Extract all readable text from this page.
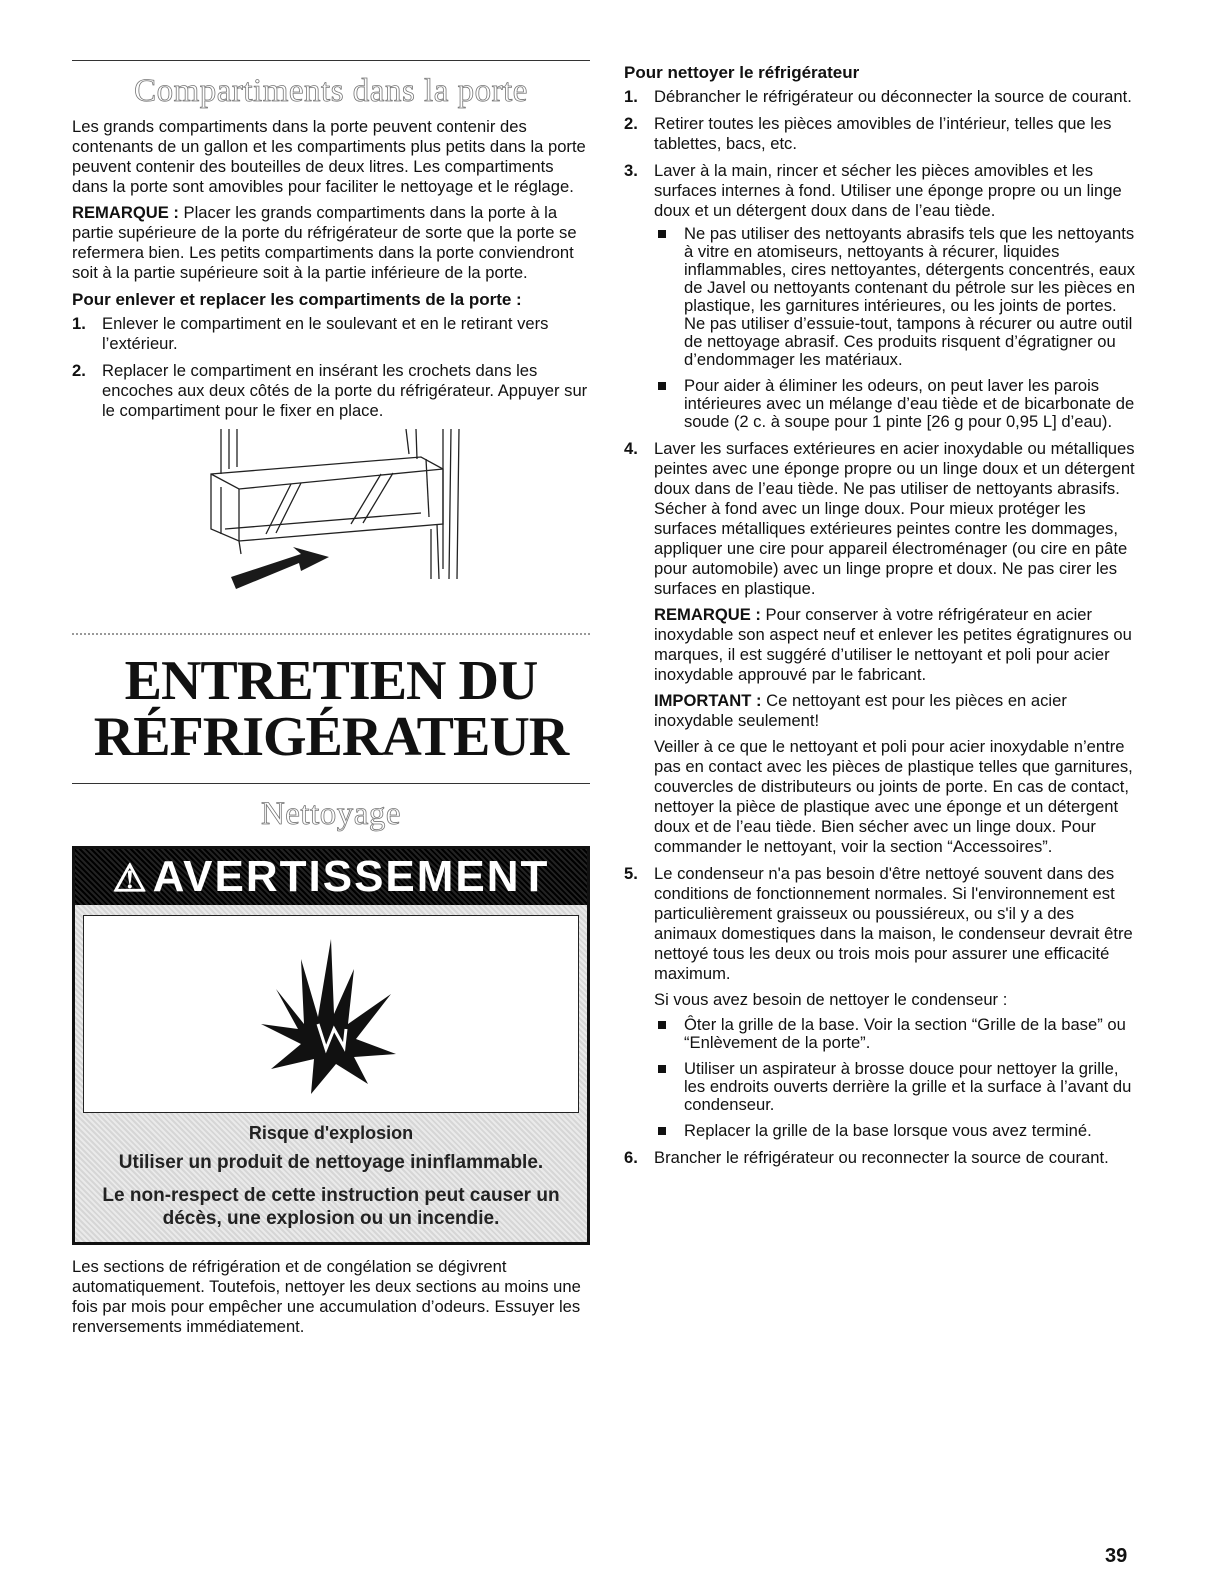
Compartiments dans la porte

Les grands compartiments dans la porte peuvent contenir des contenants de un gallon et les compartiments plus petits dans la porte peuvent contenir des bouteilles de deux litres. Les compartiments dans la porte sont amovibles pour faciliter le nettoyage et le réglage.

REMARQUE : Placer les grands compartiments dans la porte à la partie supérieure de la porte du réfrigérateur de sorte que la porte se refermera bien. Les petits compartiments dans la porte conviendront soit à la partie supérieure soit à la partie inférieure de la porte.

Pour enlever et replacer les compartiments de la porte :
1. Enlever le compartiment en le soulevant et en le retirant vers l’extérieur.
2. Replacer le compartiment en insérant les crochets dans les encoches aux deux côtés de la porte du réfrigérateur. Appuyer sur le compartiment pour le fixer en place.
ENTRETIEN DU
RÉFRIGÉRATEUR
Nettoyage
⚠AVERTISSEMENT
Risque d'explosion
Utiliser un produit de nettoyage ininflammable.
Le non-respect de cette instruction peut causer un décès, une explosion ou un incendie.

Les sections de réfrigération et de congélation se dégivrent automatiquement. Toutefois, nettoyer les deux sections au moins une fois par mois pour empêcher une accumulation d’odeurs. Essuyer les renversements immédiatement.

Pour nettoyer le réfrigérateur
1. Débrancher le réfrigérateur ou déconnecter la source de courant.
2. Retirer toutes les pièces amovibles de l’intérieur, telles que les tablettes, bacs, etc.
3. Laver à la main, rincer et sécher les pièces amovibles et les surfaces internes à fond. Utiliser une éponge propre ou un linge doux et un détergent doux dans de l’eau tiède.
Ne pas utiliser des nettoyants abrasifs tels que les nettoyants à vitre en atomiseurs, nettoyants à récurer, liquides inflammables, cires nettoyantes, détergents concentrés, eaux de Javel ou nettoyants contenant du pétrole sur les pièces en plastique, les garnitures intérieures, ou les joints de portes. Ne pas utiliser d’essuie-tout, tampons à récurer ou autre outil de nettoyage abrasif. Ces produits risquent d’égratigner ou d’endommager les matériaux.
Pour aider à éliminer les odeurs, on peut laver les parois intérieures avec un mélange d’eau tiède et de bicarbonate de soude (2 c. à soupe pour 1 pinte [26 g pour 0,95 L] d’eau).
4. Laver les surfaces extérieures en acier inoxydable ou métalliques peintes avec une éponge propre ou un linge doux et un détergent doux dans de l’eau tiède. Ne pas utiliser de nettoyants abrasifs. Sécher à fond avec un linge doux. Pour mieux protéger les surfaces métalliques extérieures peintes contre les dommages, appliquer une cire pour appareil électroménager (ou cire en pâte pour automobile) avec un linge propre et doux. Ne pas cirer les surfaces en plastique.

REMARQUE : Pour conserver à votre réfrigérateur en acier inoxydable son aspect neuf et enlever les petites égratignures ou marques, il est suggéré d’utiliser le nettoyant et poli pour acier inoxydable approuvé par le fabricant.

IMPORTANT : Ce nettoyant est pour les pièces en acier inoxydable seulement!

Veiller à ce que le nettoyant et poli pour acier inoxydable n’entre pas en contact avec les pièces de plastique telles que garnitures, couvercles de distributeurs ou joints de porte. En cas de contact, nettoyer la pièce de plastique avec une éponge et un détergent doux et de l’eau tiède. Bien sécher avec un linge doux. Pour commander le nettoyant, voir la section “Accessoires”.

5. Le condenseur n'a pas besoin d'être nettoyé souvent dans des conditions de fonctionnement normales. Si l'environnement est particulièrement graisseux ou poussiéreux, ou s'il y a des animaux domestiques dans la maison, le condenseur devrait être nettoyé tous les deux ou trois mois pour assurer une efficacité maximum.

Si vous avez besoin de nettoyer le condenseur :

Ôter la grille de la base. Voir la section “Grille de la base” ou “Enlèvement de la porte”.
Utiliser un aspirateur à brosse douce pour nettoyer la grille, les endroits ouverts derrière la grille et la surface à l’avant du condenseur.
Replacer la grille de la base lorsque vous avez terminé.
6. Brancher le réfrigérateur ou reconnecter la source de courant.
39
